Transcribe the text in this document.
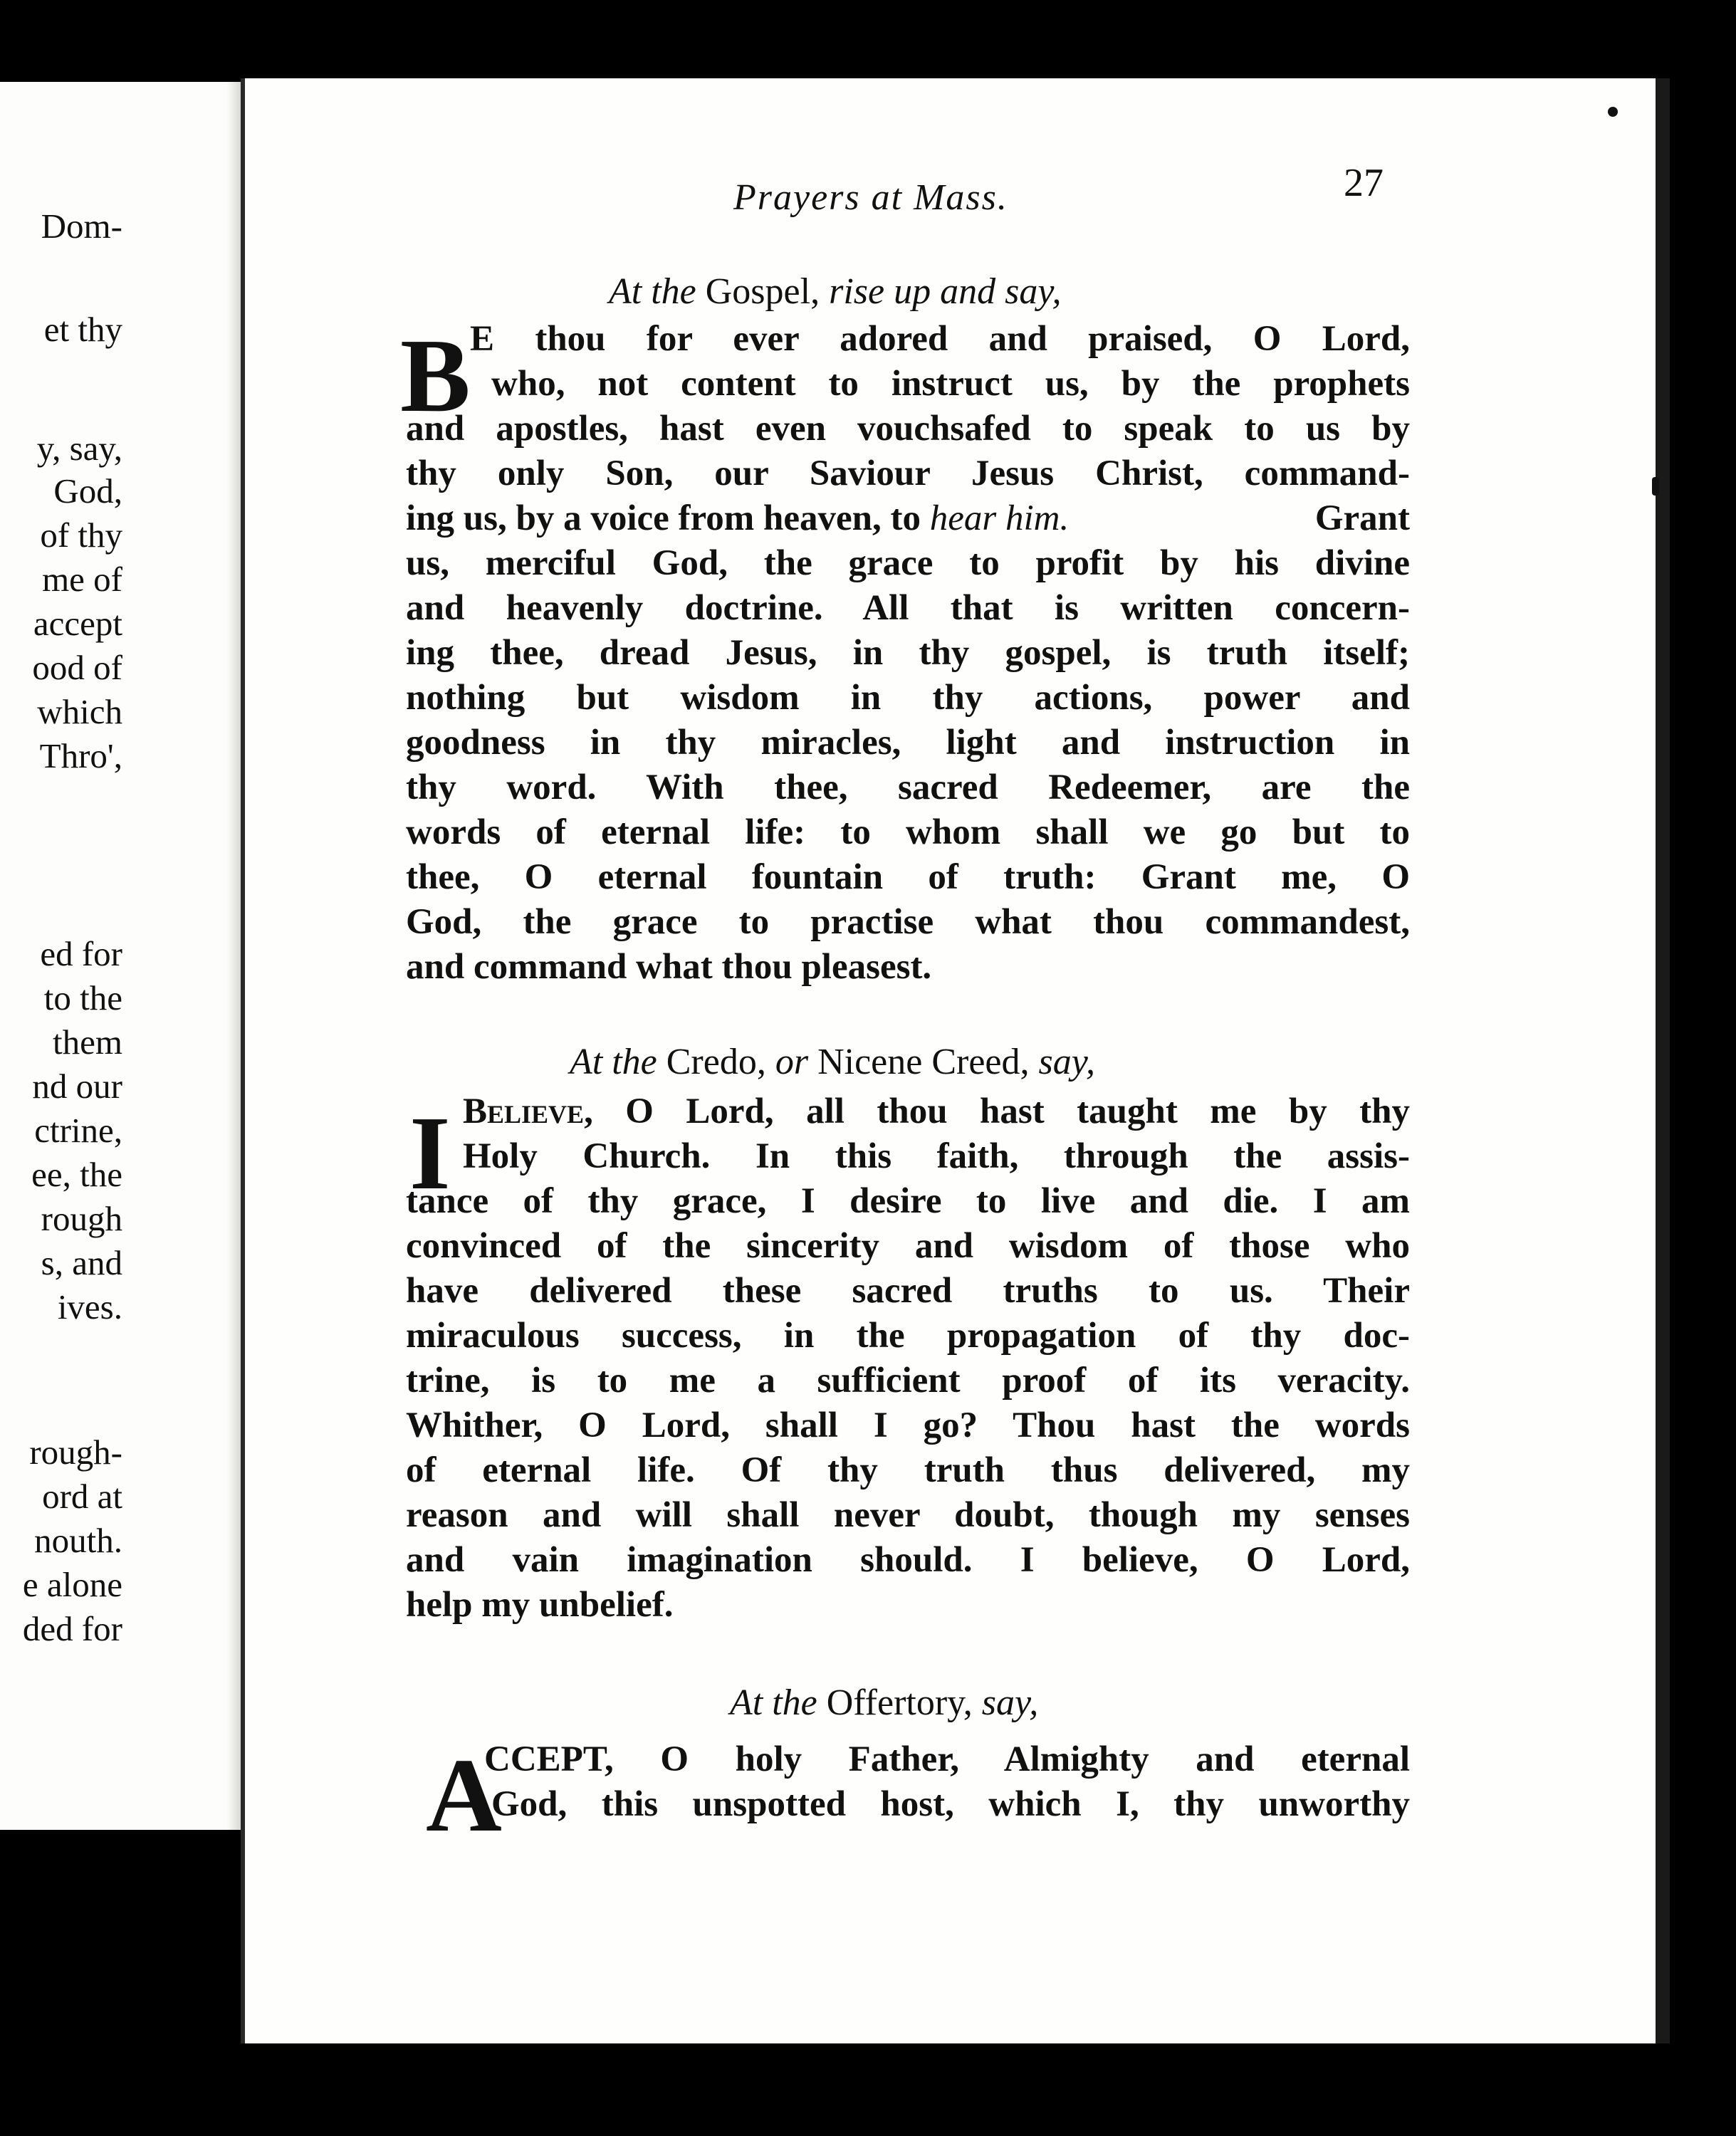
Dom-
et thy
y, say,
God,
of thy
me of
accept
ood of
which
Thro',
ed for
to the
them
nd our
ctrine,
ee, the
rough
s, and
ives.
rough-
ord at
nouth.
e alone
ded for
Prayers at Mass.	27
At the Gospel, rise up and say,
B E thou for ever adored and praised, O Lord,
who, not content to instruct us, by the prophets
and apostles, hast even vouchsafed to speak to us by
thy only Son, our Saviour Jesus Christ, command-
ing us, by a voice from heaven, to hear him.	Grant
us, merciful God, the grace to profit by his divine
and heavenly doctrine. All that is written concern-
ing thee, dread Jesus, in thy gospel, is truth itself;
nothing but wisdom in thy actions, power and
goodness in thy miracles, light and instruction in
thy word. With thee, sacred Redeemer, are the
words of eternal life: to whom shall we go but to
thee, O eternal fountain of truth: Grant me, O
God, the grace to practise what thou commandest,
and command what thou pleasest.
At the Credo, or Nicene Creed, say,
I Believe, O Lord, all thou hast taught me by thy
Holy Church. In this faith, through the assis-
tance of thy grace, I desire to live and die. I am
convinced of the sincerity and wisdom of those who
have delivered these sacred truths to us. Their
miraculous success, in the propagation of thy doc-
trine, is to me a sufficient proof of its veracity.
Whither, O Lord, shall I go? Thou hast the words
of eternal life. Of thy truth thus delivered, my
reason and will shall never doubt, though my senses
and vain imagination should. I believe, O Lord,
help my unbelief.
At the Offertory, say,
A
CCEPT, O holy Father, Almighty and eternal
God, this unspotted host, which I, thy unworthy
